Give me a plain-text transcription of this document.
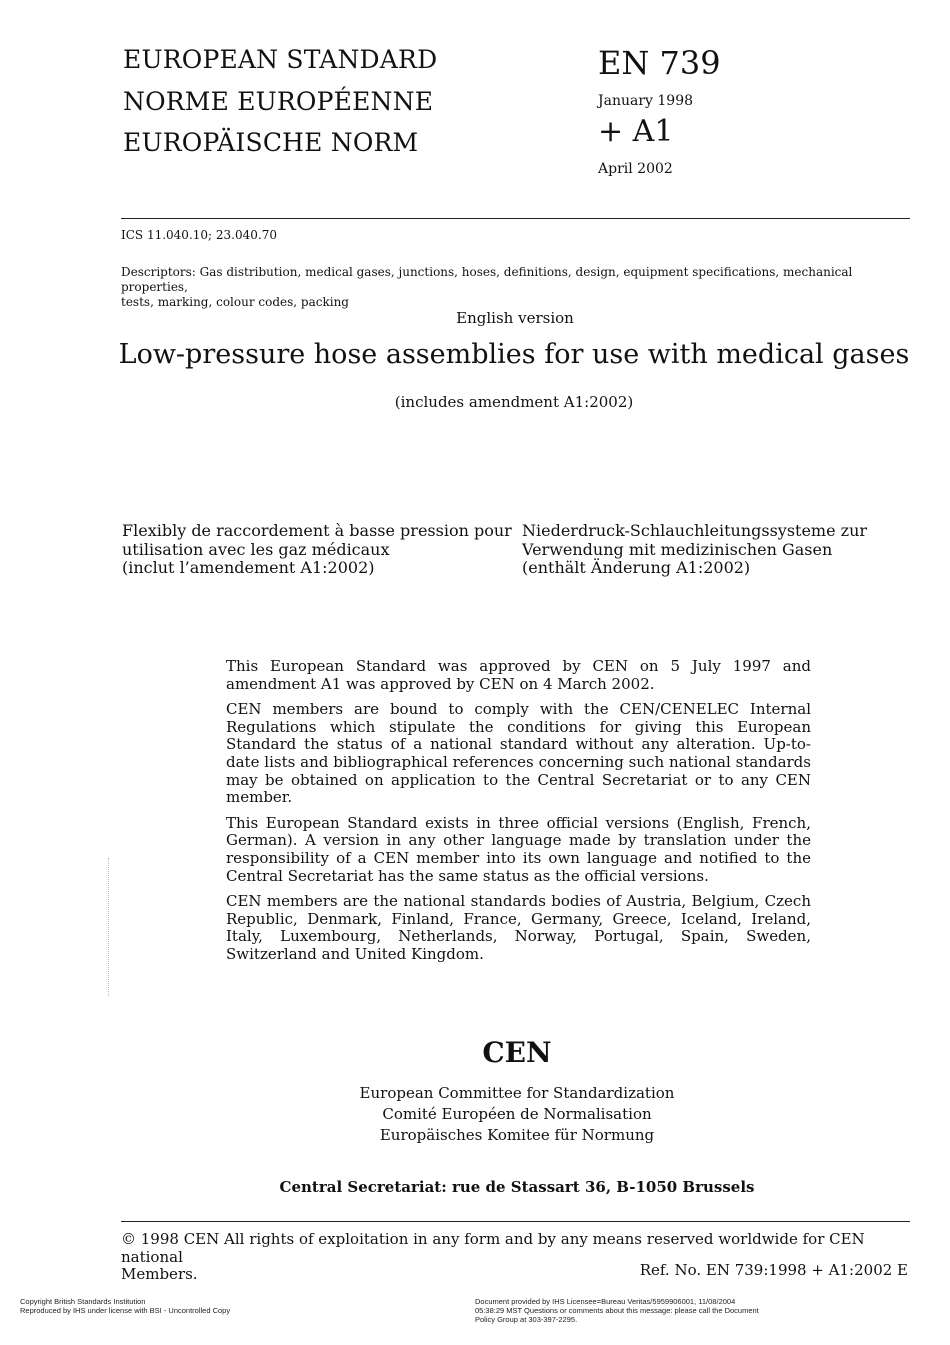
EUROPEAN STANDARD
NORME EUROPÉENNE
EUROPÄISCHE NORM
EN 739
January 1998
+ A1
April 2002
ICS 11.040.10; 23.040.70
Descriptors: Gas distribution, medical gases, junctions, hoses, definitions, design, equipment specifications, mechanical properties,
tests, marking, colour codes, packing
English version
Low-pressure hose assemblies for use with medical gases
(includes amendment A1:2002)
Flexibly de raccordement à basse pression pour
utilisation avec les gaz médicaux
(inclut l’amendement A1:2002)
Niederdruck-Schlauchleitungssysteme zur
Verwendung mit medizinischen Gasen
(enthält Änderung A1:2002)

This European Standard was approved by CEN on 5 July 1997 and amendment A1 was approved by CEN on 4 March 2002.

CEN members are bound to comply with the CEN/CENELEC Internal Regulations which stipulate the conditions for giving this European Standard the status of a national standard without any alteration. Up-to-date lists and bibliographical references concerning such national standards may be obtained on application to the Central Secretariat or to any CEN member.

This European Standard exists in three official versions (English, French, German). A version in any other language made by translation under the responsibility of a CEN member into its own language and notified to the Central Secretariat has the same status as the official versions.

CEN members are the national standards bodies of Austria, Belgium, Czech Republic, Denmark, Finland, France, Germany, Greece, Iceland, Ireland, Italy, Luxembourg, Netherlands, Norway, Portugal, Spain, Sweden, Switzerland and United Kingdom.

CEN
European Committee for Standardization
Comité Européen de Normalisation
Europäisches Komitee für Normung
Central Secretariat: rue de Stassart 36, B-1050 Brussels
© 1998 CEN All rights of exploitation in any form and by any means reserved worldwide for CEN national
Members.	Ref. No. EN 739:1998 + A1:2002 E
Copyright British Standards Institution
Reproduced by IHS under license with BSI - Uncontrolled Copy
Document provided by IHS Licensee=Bureau Veritas/5959906001, 11/08/2004
05:38:29 MST Questions or comments about this message: please call the Document
Policy Group at 303-397-2295.
